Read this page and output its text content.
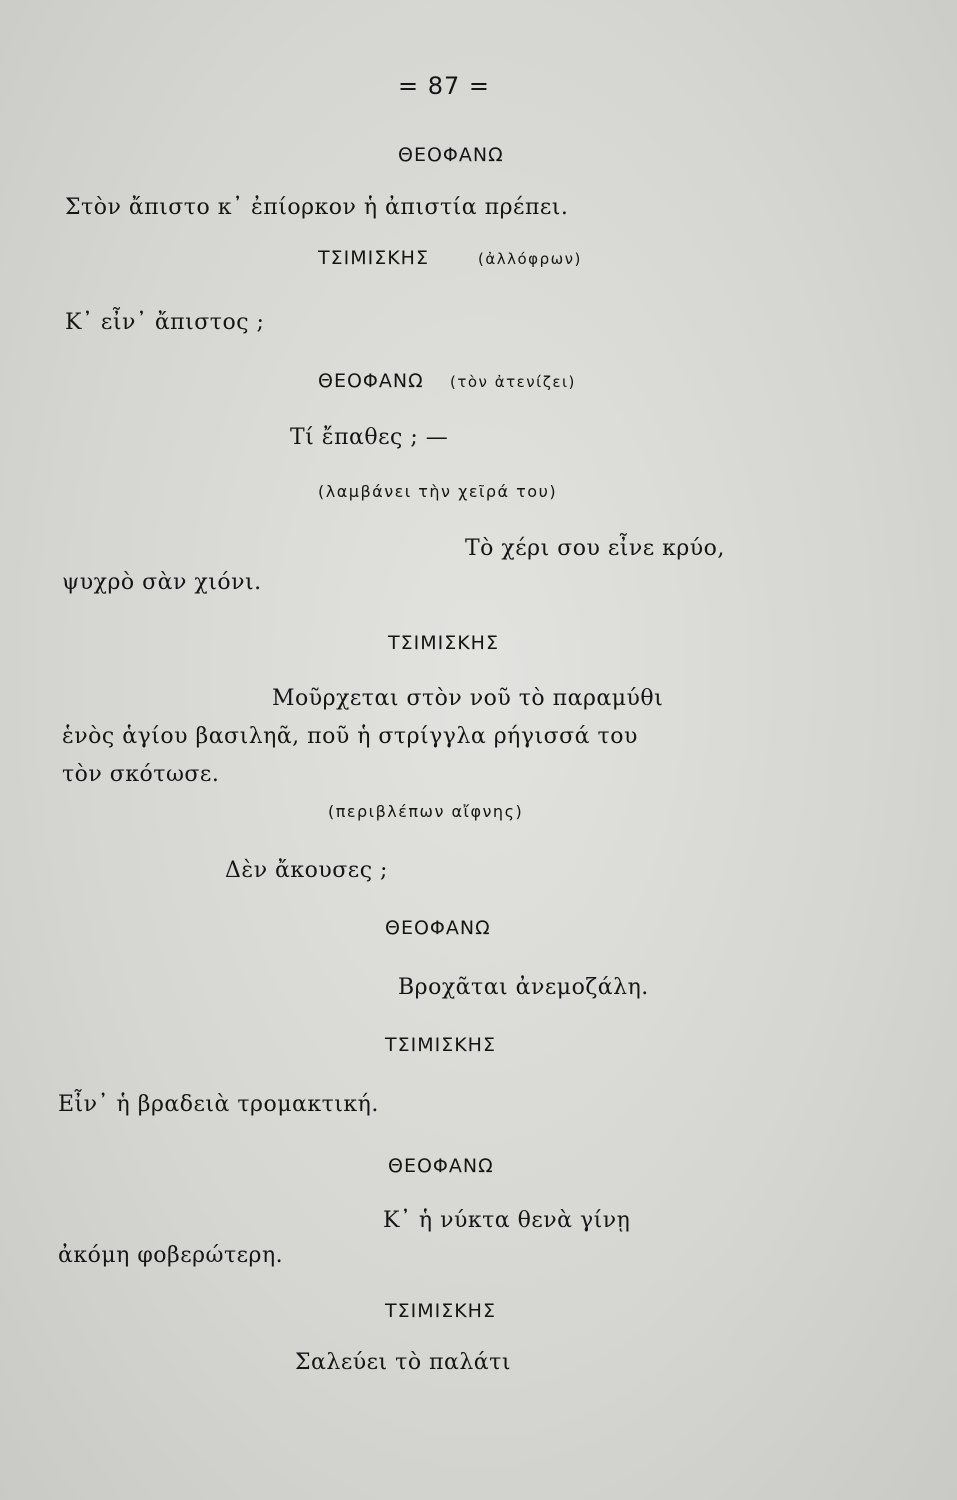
= 87 =
ΘΕΟΦΑΝΩ
Στὸν ἄπιστο κ᾽ ἐπίορκον ἡ ἀπιστία πρέπει.
ΤΣΙΜΙΣΚΗΣ	(ἀλλόφρων)
Κ᾽ εἶν᾽ ἄπιστος ;
ΘΕΟΦΑΝΩ (τὸν ἀτενίζει)
Τί ἔπαθες ; —
(λαμβάνει τὴν χεῖρά του)
Τὸ χέρι σου εἶνε κρύο,
ψυχρὸ σὰν χιόνι.
ΤΣΙΜΙΣΚΗΣ
Μοῦρχεται στὸν νοῦ τὸ παραμύθι
ἑνὸς ἁγίου βασιληᾶ, ποῦ ἡ στρίγγλα ρήγισσά του
τὸν σκότωσε.
(περιβλέπων αἴφνης)
Δὲν ἄκουσες ;
ΘΕΟΦΑΝΩ
Βροχᾶται ἀνεμοζάλη.
ΤΣΙΜΙΣΚΗΣ
Εἶν᾽ ἡ βραδειὰ τρομακτική.
ΘΕΟΦΑΝΩ
Κ᾽ ἡ νύκτα θενὰ γίνῃ
ἀκόμη φοβερώτερη.
ΤΣΙΜΙΣΚΗΣ
Σαλεύει τὸ παλάτι
